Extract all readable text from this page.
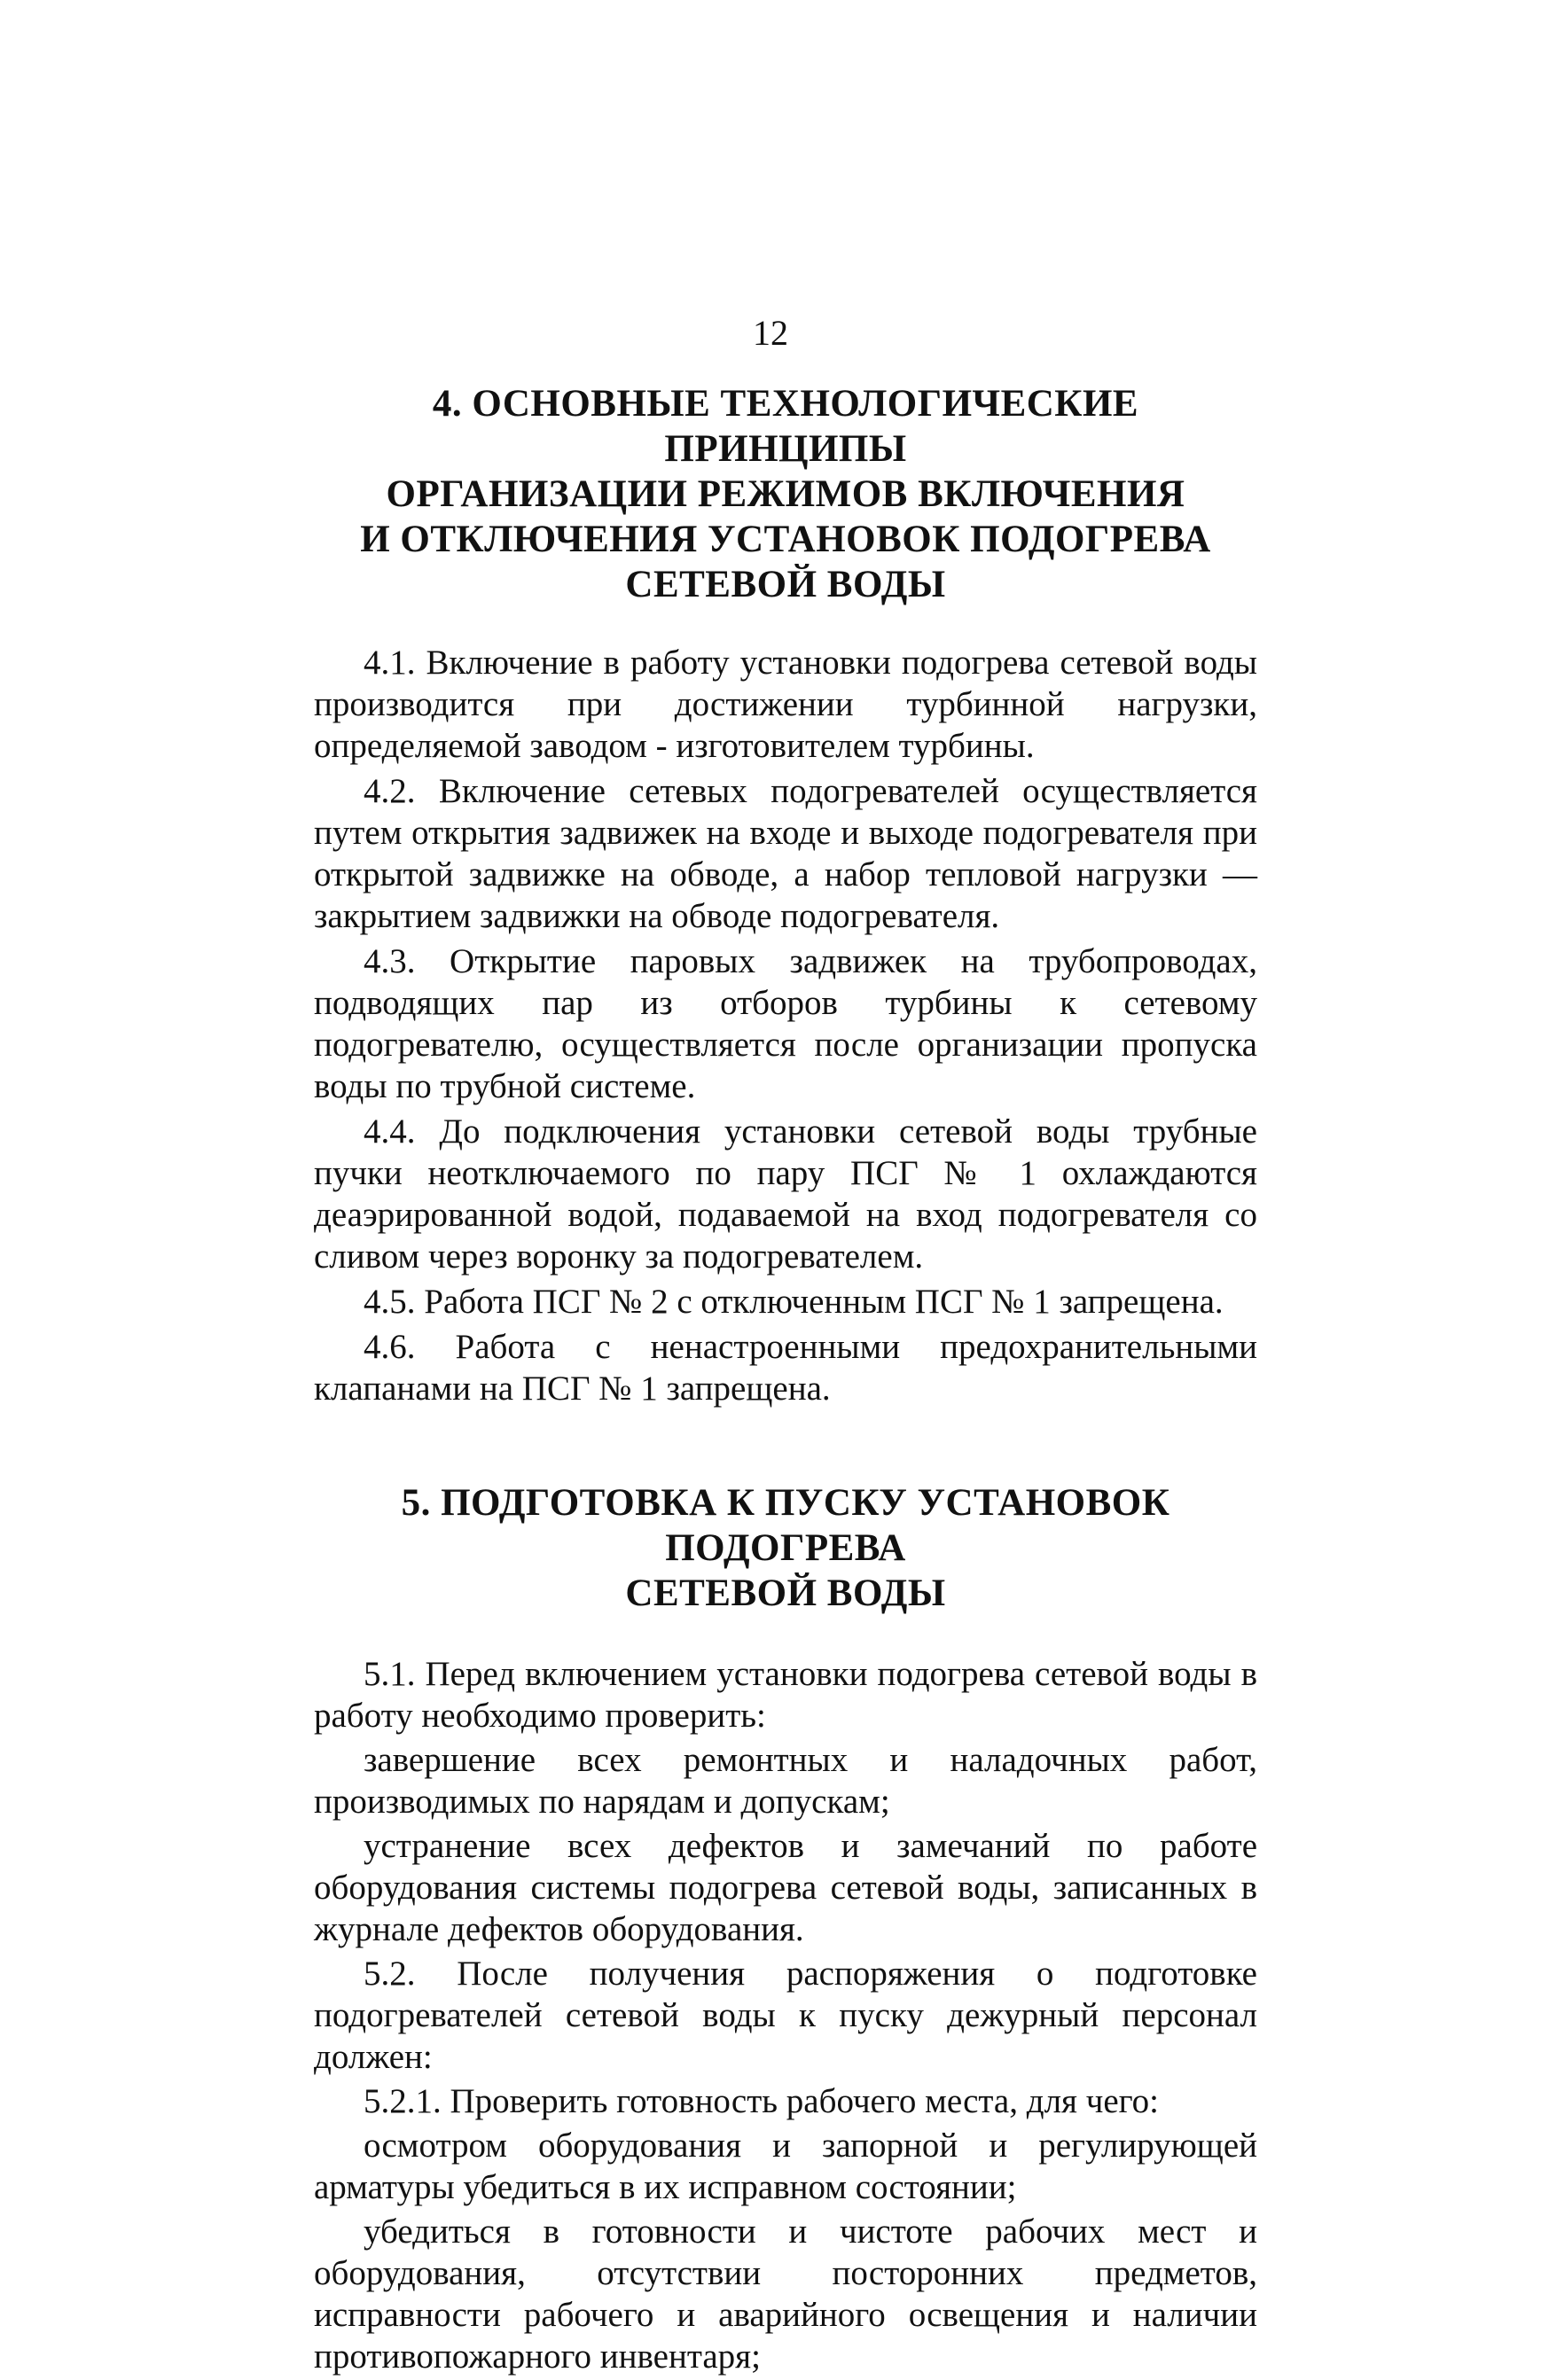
12
4. ОСНОВНЫЕ ТЕХНОЛОГИЧЕСКИЕ ПРИНЦИПЫ
ОРГАНИЗАЦИИ РЕЖИМОВ ВКЛЮЧЕНИЯ
И ОТКЛЮЧЕНИЯ УСТАНОВОК ПОДОГРЕВА
СЕТЕВОЙ ВОДЫ

4.1. Включение в работу установки подогрева сетевой воды производится при достижении турбинной нагрузки, определяемой заводом - изготовителем турбины.

4.2. Включение сетевых подогревателей осуществляется путем открытия задвижек на входе и выходе подогревателя при открытой задвижке на обводе, а набор тепловой нагрузки — закрытием задвижки на обводе подогревателя.

4.3. Открытие паровых задвижек на трубопроводах, подводящих пар из отборов турбины к сетевому подогревателю, осуществляется после организации пропуска воды по трубной системе.

4.4. До подключения установки сетевой воды трубные пучки неотключаемого по пару ПСГ № 1 охлаждаются деаэрированной водой, подаваемой на вход подогревателя со сливом через воронку за подогревателем.

4.5. Работа ПСГ № 2 с отключенным ПСГ № 1 запрещена.

4.6. Работа с ненастроенными предохранительными клапанами на ПСГ № 1 запрещена.

5. ПОДГОТОВКА К ПУСКУ УСТАНОВОК ПОДОГРЕВА
СЕТЕВОЙ ВОДЫ

5.1. Перед включением установки подогрева сетевой воды в работу необходимо проверить:

завершение всех ремонтных и наладочных работ, производимых по нарядам и допускам;

устранение всех дефектов и замечаний по работе оборудования системы подогрева сетевой воды, записанных в журнале дефектов оборудования.

5.2. После получения распоряжения о подготовке подогревателей сетевой воды к пуску дежурный персонал должен:

5.2.1. Проверить готовность рабочего места, для чего:

осмотром оборудования и запорной и регулирующей арматуры убедиться в их исправном состоянии;

убедиться в готовности и чистоте рабочих мест и оборудования, отсутствии посторонних предметов, исправности рабочего и аварийного освещения и наличии противопожарного инвентаря;
